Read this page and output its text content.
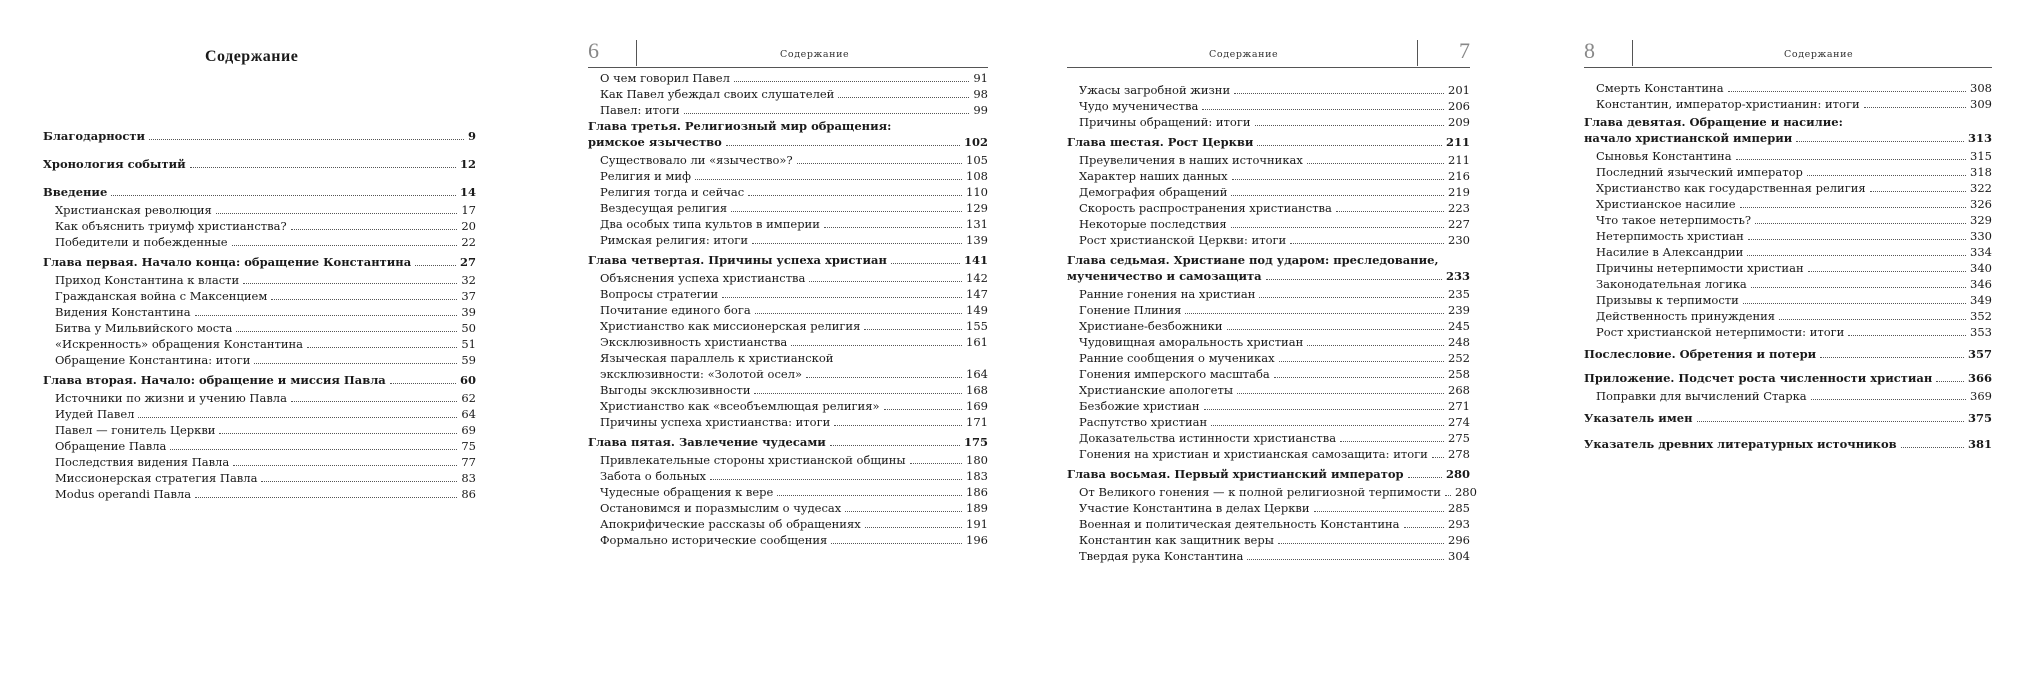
Содержание
Благодарности	9
Хронология событий	12
Введение	14
Христианская революция	17
Как объяснить триумф христианства?	20
Победители и побежденные	22
Глава первая. Начало конца: обращение Константина	27
Приход Константина к власти	32
Гражданская война с Максенцием	37
Видения Константина	39
Битва у Мильвийского моста	50
«Искренность» обращения Константина	51
Обращение Константина: итоги	59
Глава вторая. Начало: обращение и миссия Павла	60
Источники по жизни и учению Павла	62
Иудей Павел	64
Павел — гонитель Церкви	69
Обращение Павла	75
Последствия видения Павла	77
Миссионерская стратегия Павла	83
Modus operandi Павла	86
6	Содержание
О чем говорил Павел	91
Как Павел убеждал своих слушателей	98
Павел: итоги	99
Глава третья. Религиозный мир обращения:
римское язычество	102
Существовало ли «язычество»?	105
Религия и миф	108
Религия тогда и сейчас	110
Вездесущая религия	129
Два особых типа культов в империи	131
Римская религия: итоги	139
Глава четвертая. Причины успеха христиан	141
Объяснения успеха христианства	142
Вопросы стратегии	147
Почитание единого бога	149
Христианство как миссионерская религия	155
Эксклюзивность христианства	161
Языческая параллель к христианской
эксклюзивности: «Золотой осел»	164
Выгоды эксклюзивности	168
Христианство как «всеобъемлющая религия»	169
Причины успеха христианства: итоги	171
Глава пятая. Завлечение чудесами	175
Привлекательные стороны христианской общины	180
Забота о больных	183
Чудесные обращения к вере	186
Остановимся и поразмыслим о чудесах	189
Апокрифические рассказы об обращениях	191
Формально исторические сообщения	196
Содержание	7
Ужасы загробной жизни	201
Чудо мученичества	206
Причины обращений: итоги	209
Глава шестая. Рост Церкви	211
Преувеличения в наших источниках	211
Характер наших данных	216
Демография обращений	219
Скорость распространения христианства	223
Некоторые последствия	227
Рост христианской Церкви: итоги	230
Глава седьмая. Христиане под ударом: преследование,
мученичество и самозащита	233
Ранние гонения на христиан	235
Гонение Плиния	239
Христиане-безбожники	245
Чудовищная аморальность христиан	248
Ранние сообщения о мучениках	252
Гонения имперского масштаба	258
Христианские апологеты	268
Безбожие христиан	271
Распутство христиан	274
Доказательства истинности христианства	275
Гонения на христиан и христианская самозащита: итоги 278
Глава восьмая. Первый христианский император	280
От Великого гонения — к полной религиозной терпимости 280
Участие Константина в делах Церкви	285
Военная и политическая деятельность Константина	293
Константин как защитник веры	296
Твердая рука Константина	304
8	Содержание
Смерть Константина	308
Константин, император-христианин: итоги	309
Глава девятая. Обращение и насилие:
начало христианской империи	313
Сыновья Константина	315
Последний языческий император	318
Христианство как государственная религия	322
Христианское насилие	326
Что такое нетерпимость?	329
Нетерпимость христиан	330
Насилие в Александрии	334
Причины нетерпимости христиан	340
Законодательная логика	346
Призывы к терпимости	349
Действенность принуждения	352
Рост христианской нетерпимости: итоги	353
Послесловие. Обретения и потери	357
Приложение. Подсчет роста численности христиан	366
Поправки для вычислений Старка	369
Указатель имен	375
Указатель древних литературных источников	381
